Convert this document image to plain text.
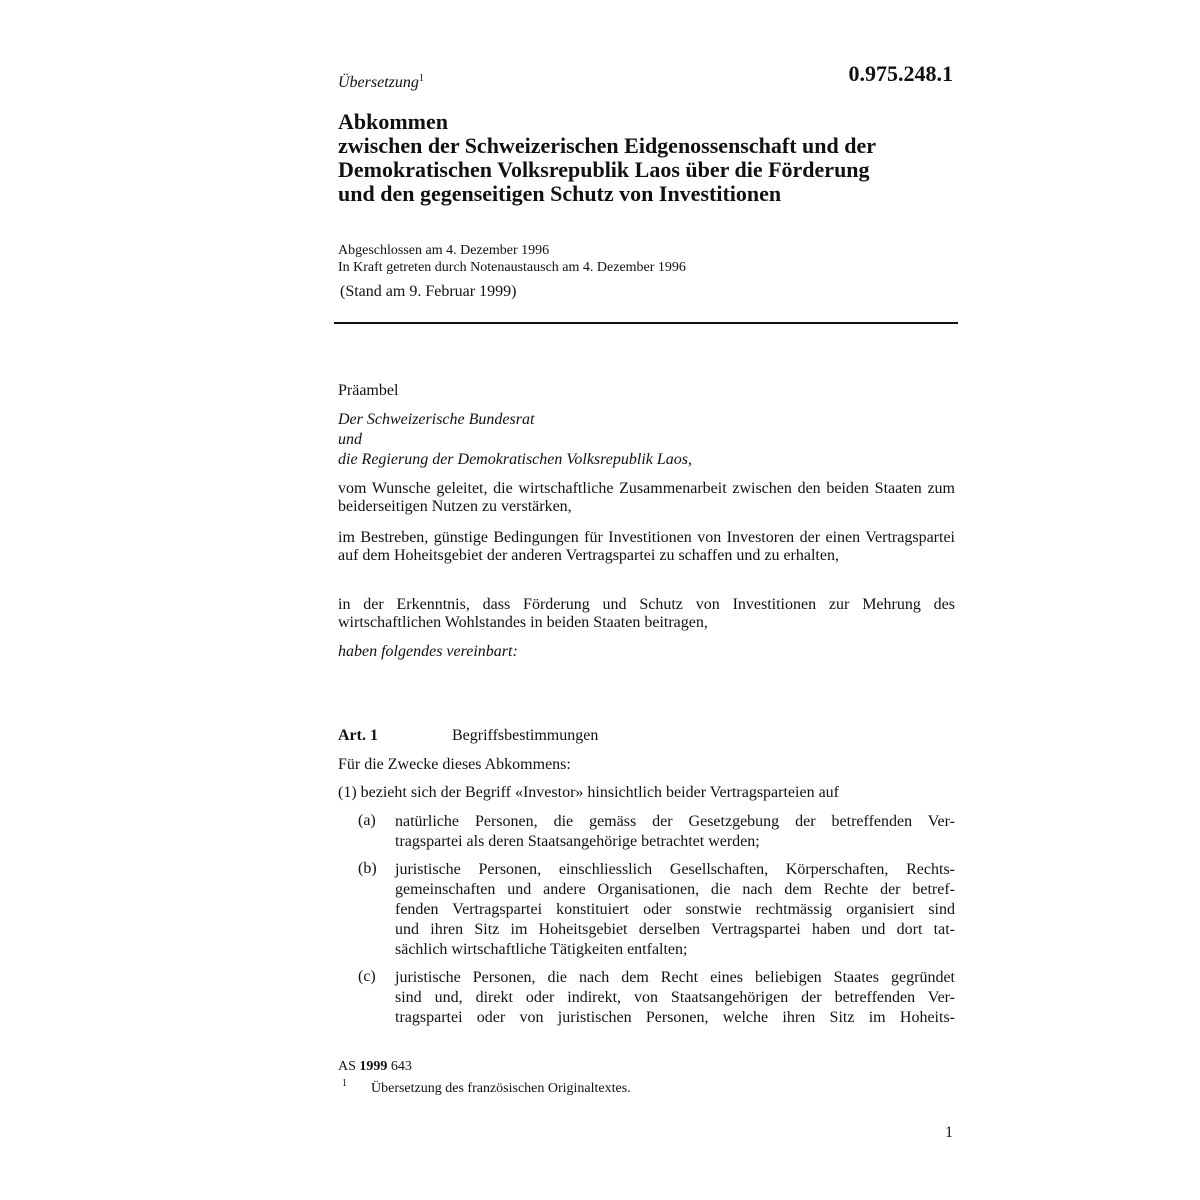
Übersetzung$^1$	0.975.248.1
Abkommen
zwischen der Schweizerischen Eidgenossenschaft und der
Demokratischen Volksrepublik Laos über die Förderung
und den gegenseitigen Schutz von Investitionen
Abgeschlossen am 4. Dezember 1996
In Kraft getreten durch Notenaustausch am 4. Dezember 1996
(Stand am 9. Februar 1999)
Präambel
Der Schweizerische Bundesrat
und
die Regierung der Demokratischen Volksrepublik Laos,
vom Wunsche geleitet, die wirtschaftliche Zusammenarbeit zwischen den beiden Staaten zum beiderseitigen Nutzen zu verstärken,
im Bestreben, günstige Bedingungen für Investitionen von Investoren der einen Vertragspartei auf dem Hoheitsgebiet der anderen Vertragspartei zu schaffen und zu erhalten,
in der Erkenntnis, dass Förderung und Schutz von Investitionen zur Mehrung des wirtschaftlichen Wohlstandes in beiden Staaten beitragen,
haben folgendes vereinbart:
Art. 1	Begriffsbestimmungen
Für die Zwecke dieses Abkommens:
(1) bezieht sich der Begriff «Investor» hinsichtlich beider Vertragsparteien auf
(a) natürliche Personen, die gemäss der Gesetzgebung der betreffenden Ver-
tragspartei als deren Staatsangehörige betrachtet werden;
(b) juristische Personen, einschliesslich Gesellschaften, Körperschaften, Rechts-
gemeinschaften und andere Organisationen, die nach dem Rechte der betref-
fenden Vertragspartei konstituiert oder sonstwie rechtmässig organisiert sind
und ihren Sitz im Hoheitsgebiet derselben Vertragspartei haben und dort tat-
sächlich wirtschaftliche Tätigkeiten entfalten;
(c) juristische Personen, die nach dem Recht eines beliebigen Staates gegründet
sind und, direkt oder indirekt, von Staatsangehörigen der betreffenden Ver-
tragspartei oder von juristischen Personen, welche ihren Sitz im Hoheits-
AS 1999 643
1 Übersetzung des französischen Originaltextes.
1
